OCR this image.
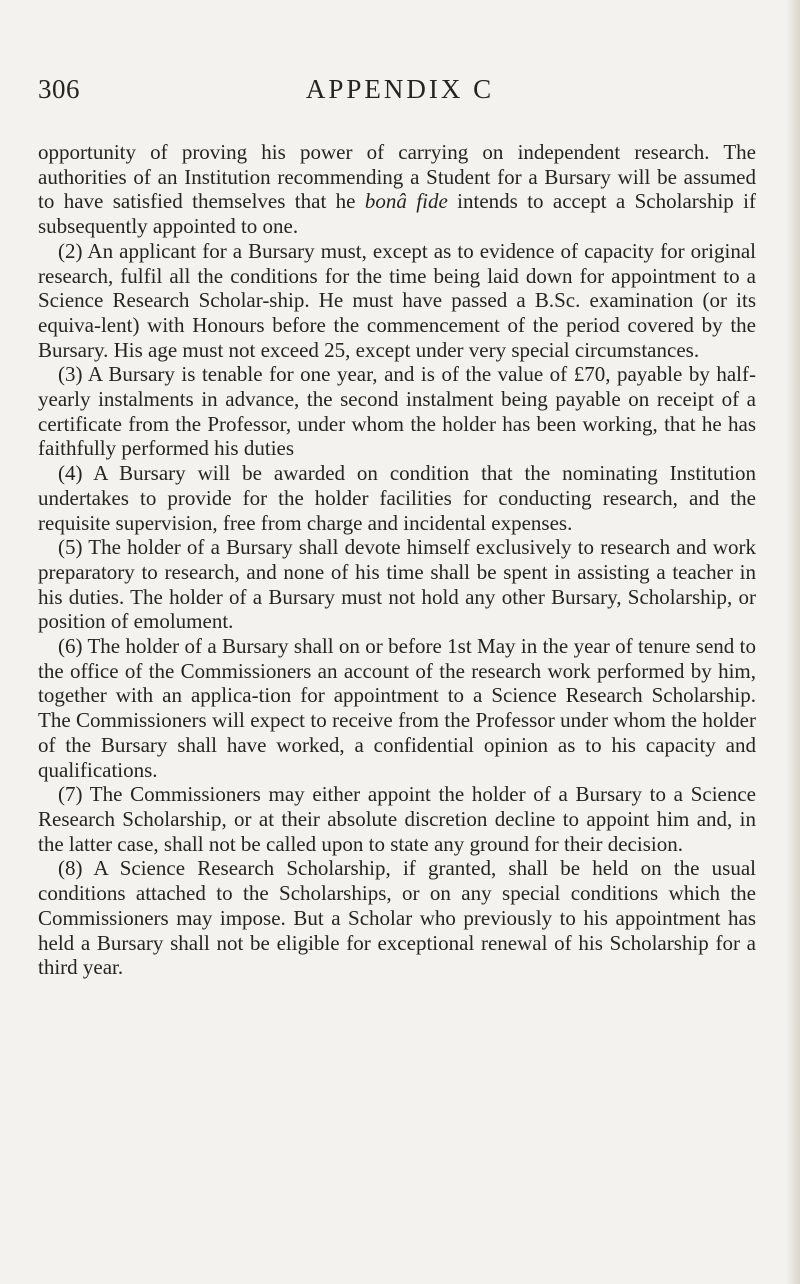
306	APPENDIX C

opportunity of proving his power of carrying on independent research. The authorities of an Institution recommending a Student for a Bursary will be assumed to have satisfied themselves that he bonâ fide intends to accept a Scholarship if subsequently appointed to one.

(2) An applicant for a Bursary must, except as to evidence of capacity for original research, fulfil all the conditions for the time being laid down for appointment to a Science Research Scholar-ship. He must have passed a B.Sc. examination (or its equiva-lent) with Honours before the commencement of the period covered by the Bursary. His age must not exceed 25, except under very special circumstances.

(3) A Bursary is tenable for one year, and is of the value of £70, payable by half-yearly instalments in advance, the second instalment being payable on receipt of a certificate from the Professor, under whom the holder has been working, that he has faithfully performed his duties

(4) A Bursary will be awarded on condition that the nominating Institution undertakes to provide for the holder facilities for conducting research, and the requisite supervision, free from charge and incidental expenses.

(5) The holder of a Bursary shall devote himself exclusively to research and work preparatory to research, and none of his time shall be spent in assisting a teacher in his duties. The holder of a Bursary must not hold any other Bursary, Scholarship, or position of emolument.

(6) The holder of a Bursary shall on or before 1st May in the year of tenure send to the office of the Commissioners an account of the research work performed by him, together with an applica-tion for appointment to a Science Research Scholarship. The Commissioners will expect to receive from the Professor under whom the holder of the Bursary shall have worked, a confidential opinion as to his capacity and qualifications.

(7) The Commissioners may either appoint the holder of a Bursary to a Science Research Scholarship, or at their absolute discretion decline to appoint him and, in the latter case, shall not be called upon to state any ground for their decision.

(8) A Science Research Scholarship, if granted, shall be held on the usual conditions attached to the Scholarships, or on any special conditions which the Commissioners may impose. But a Scholar who previously to his appointment has held a Bursary shall not be eligible for exceptional renewal of his Scholarship for a third year.
